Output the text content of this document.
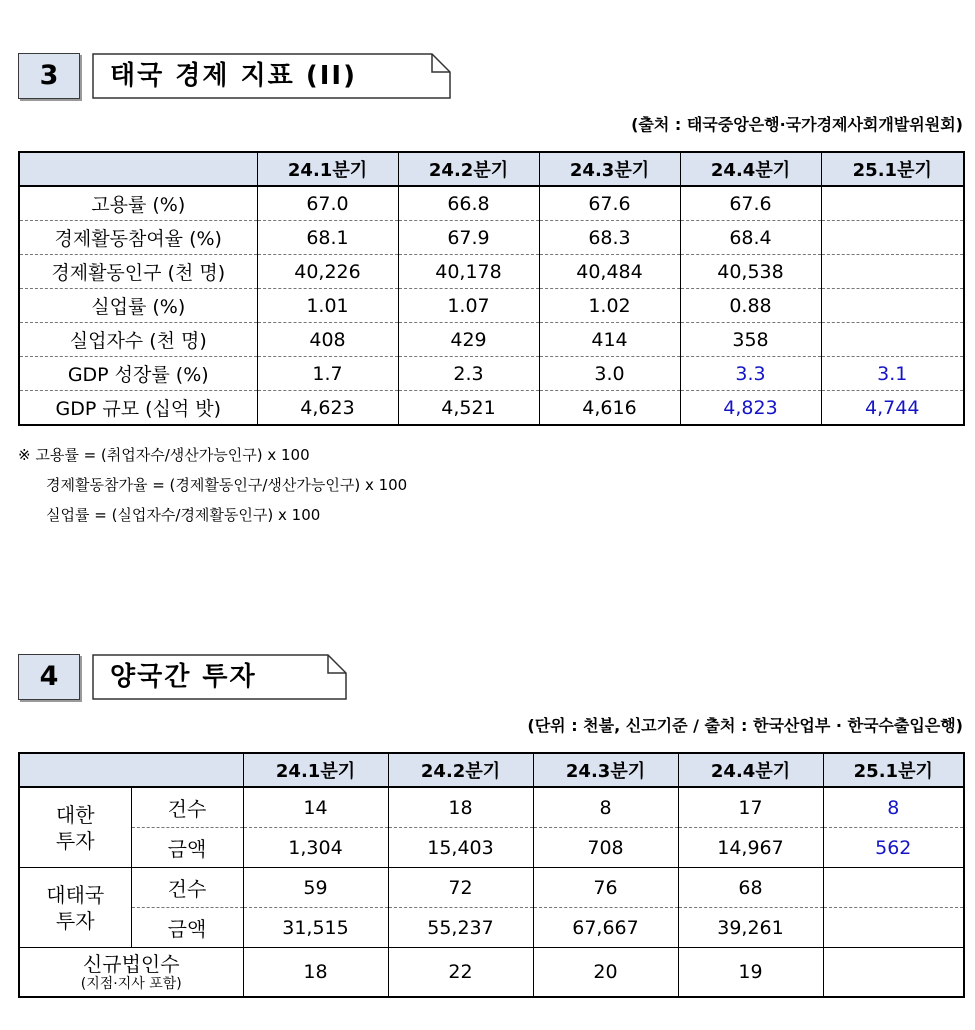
3	태국 경제 지표 (II)
(출처 : 태국중앙은행·국가경제사회개발위원회)
	24.1분기	24.2분기	24.3분기	24.4분기	25.1분기
고용률 (%)	67.0	66.8	67.6	67.6	
경제활동참여율 (%)	68.1	67.9	68.3	68.4	
경제활동인구 (천 명)	40,226	40,178	40,484	40,538	
실업률 (%)	1.01	1.07	1.02	0.88	
실업자수 (천 명)	408	429	414	358	
GDP 성장률 (%)	1.7	2.3	3.0	3.3	3.1
GDP 규모 (십억 밧)	4,623	4,521	4,616	4,823	4,744
※ 고용률 = (취업자수/생산가능인구) x 100
경제활동참가율 = (경제활동인구/생산가능인구) x 100
실업률 = (실업자수/경제활동인구) x 100
4	양국간 투자
(단위 : 천불, 신고기준 / 출처 : 한국산업부 · 한국수출입은행)
		24.1분기	24.2분기	24.3분기	24.4분기	25.1분기
대한 투자	건수	14	18	8	17	8
	금액	1,304	15,403	708	14,967	562
대태국 투자	건수	59	72	76	68	
	금액	31,515	55,237	67,667	39,261	

신규법인수
(지점·지사 포함)		18	22	20	19	
